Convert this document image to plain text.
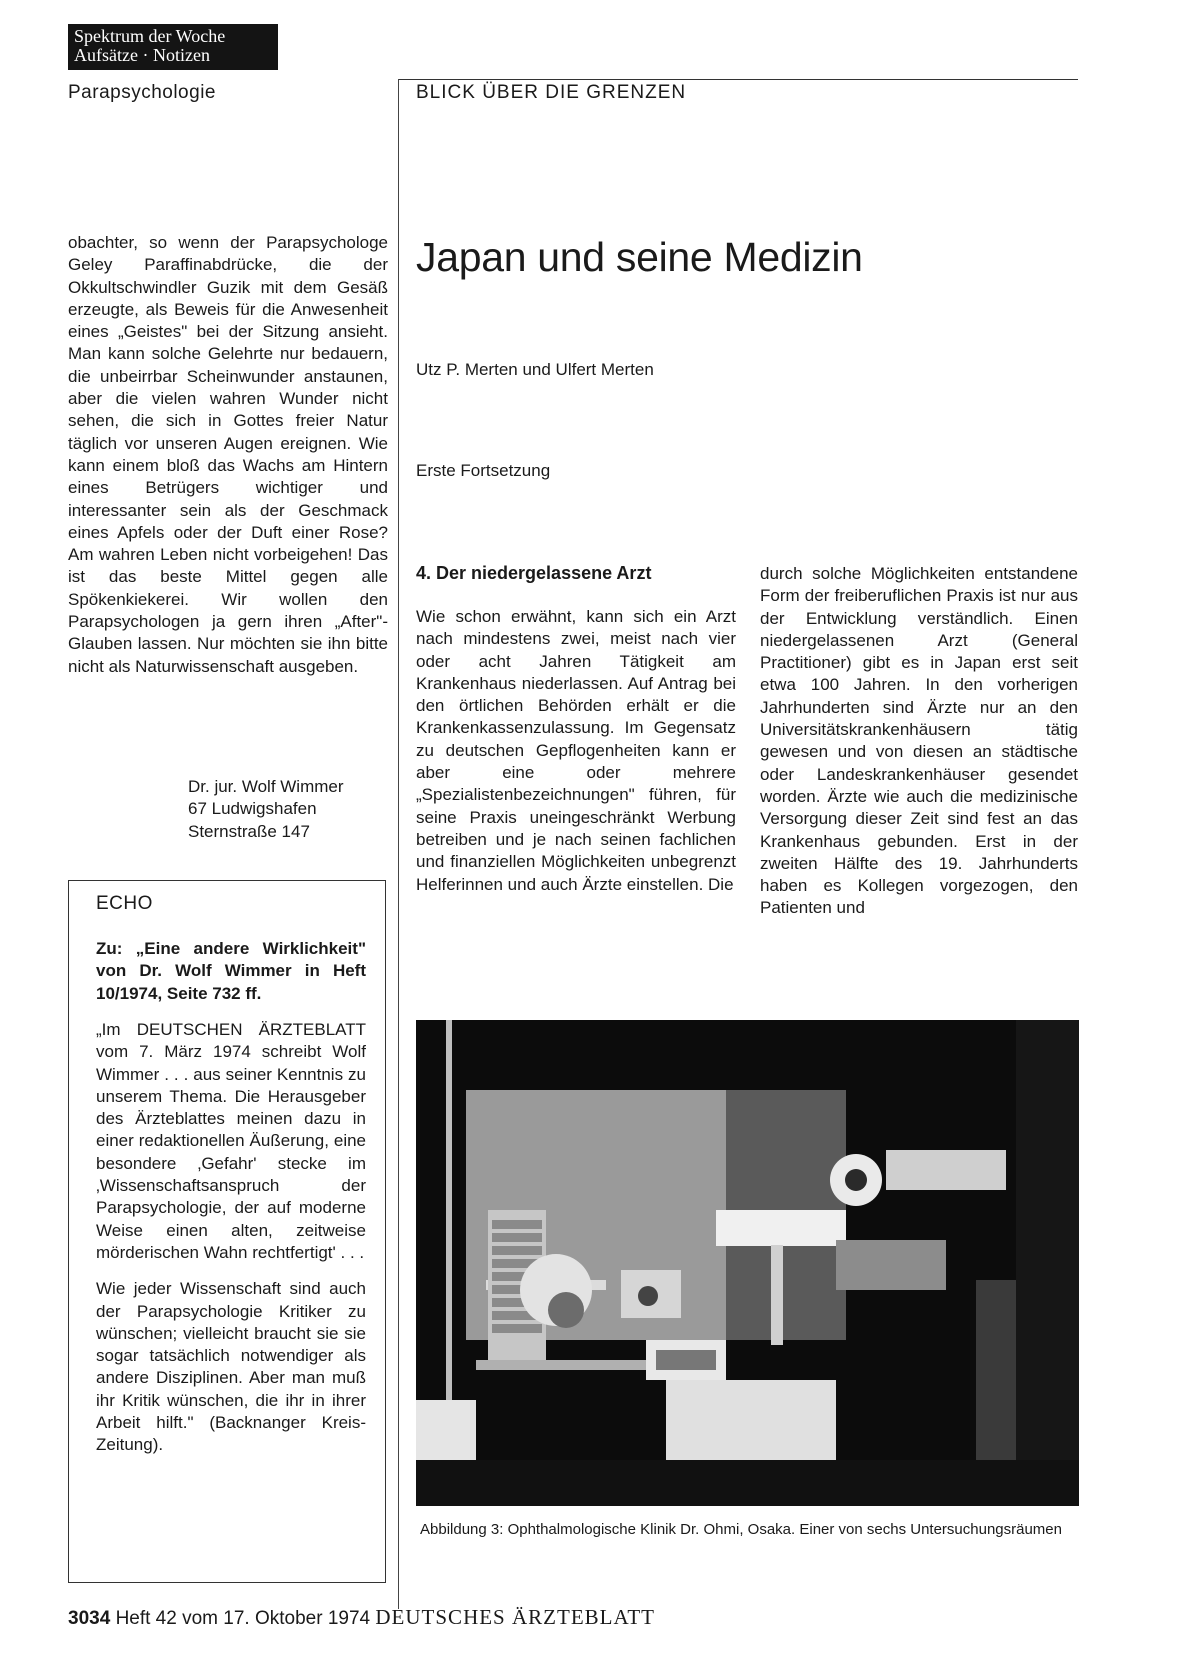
Spektrum der Woche
Aufsätze · Notizen
Parapsychologie	BLICK ÜBER DIE GRENZEN

obachter, so wenn der Parapsychologe Geley Paraffinabdrücke, die der Okkultschwindler Guzik mit dem Gesäß erzeugte, als Beweis für die Anwesenheit eines „Geistes" bei der Sitzung ansieht. Man kann solche Gelehrte nur bedauern, die unbeirrbar Scheinwunder anstaunen, aber die vielen wahren Wunder nicht sehen, die sich in Gottes freier Natur täglich vor unseren Augen ereignen. Wie kann einem bloß das Wachs am Hintern eines Betrügers wichtiger und interessanter sein als der Geschmack eines Apfels oder der Duft einer Rose? Am wahren Leben nicht vorbeigehen! Das ist das beste Mittel gegen alle Spökenkiekerei. Wir wollen den Parapsychologen ja gern ihren „After"-Glauben lassen. Nur möchten sie ihn bitte nicht als Naturwissenschaft ausgeben.

Dr. jur. Wolf Wimmer
67 Ludwigshafen
Sternstraße 147
ECHO
Zu: „Eine andere Wirklichkeit" von Dr. Wolf Wimmer in Heft 10/1974, Seite 732 ff.

„Im DEUTSCHEN ÄRZTEBLATT vom 7. März 1974 schreibt Wolf Wimmer . . . aus seiner Kenntnis zu unserem Thema. Die Herausgeber des Ärzteblattes meinen dazu in einer redaktionellen Äußerung, eine besondere ‚Gefahr' stecke im ‚Wissenschaftsanspruch der Parapsychologie, der auf moderne Weise einen alten, zeitweise mörderischen Wahn rechtfertigt' . . .

Wie jeder Wissenschaft sind auch der Parapsychologie Kritiker zu wünschen; vielleicht braucht sie sie sogar tatsächlich notwendiger als andere Disziplinen. Aber man muß ihr Kritik wünschen, die ihr in ihrer Arbeit hilft." (Backnanger Kreis-Zeitung).

Japan und seine Medizin
Utz P. Merten und Ulfert Merten
Erste Fortsetzung
4. Der niedergelassene Arzt
Wie schon erwähnt, kann sich ein Arzt nach mindestens zwei, meist nach vier oder acht Jahren Tätigkeit am Krankenhaus niederlassen. Auf Antrag bei den örtlichen Behörden erhält er die Krankenkassenzulassung. Im Gegensatz zu deutschen Gepflogenheiten kann er aber eine oder mehrere „Spezialistenbezeichnungen" führen, für seine Praxis uneingeschränkt Werbung betreiben und je nach seinen fachlichen und finanziellen Möglichkeiten unbegrenzt Helferinnen und auch Ärzte einstellen. Die
durch solche Möglichkeiten entstandene Form der freiberuflichen Praxis ist nur aus der Entwicklung verständlich. Einen niedergelassenen Arzt (General Practitioner) gibt es in Japan erst seit etwa 100 Jahren. In den vorherigen Jahrhunderten sind Ärzte nur an den Universitätskrankenhäusern tätig gewesen und von diesen an städtische oder Landeskrankenhäuser gesendet worden. Ärzte wie auch die medizinische Versorgung dieser Zeit sind fest an das Krankenhaus gebunden. Erst in der zweiten Hälfte des 19. Jahrhunderts haben es Kollegen vorgezogen, den Patienten und
Abbildung 3: Ophthalmologische Klinik Dr. Ohmi, Osaka. Einer von sechs Untersuchungsräumen
3034 Heft 42 vom 17. Oktober 1974 DEUTSCHES ÄRZTEBLATT
